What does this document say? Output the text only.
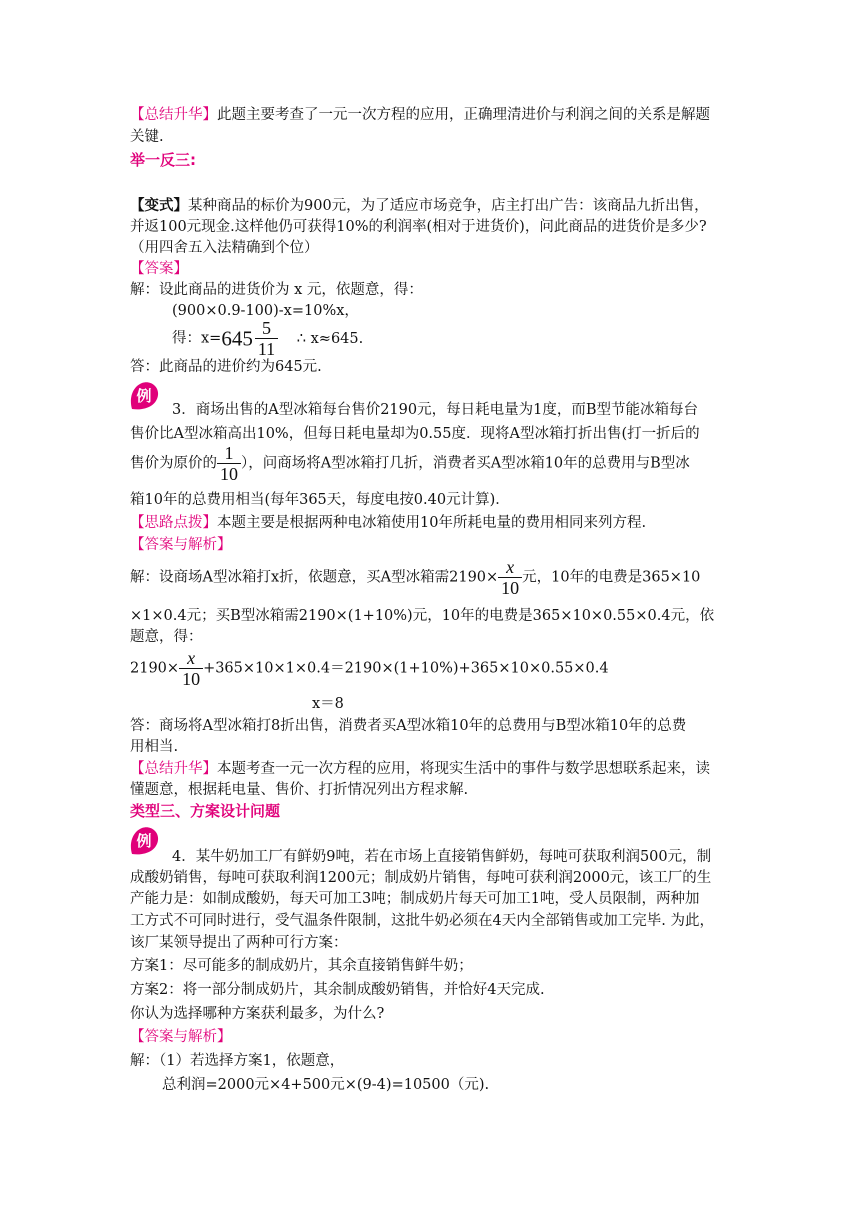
【总结升华】此题主要考查了一元一次方程的应用，正确理清进价与利润之间的关系是解题
关键.
举一反三:
【变式】某种商品的标价为900元，为了适应市场竞争，店主打出广告：该商品九折出售，
并返100元现金.这样他仍可获得10%的利润率(相对于进货价)，问此商品的进货价是多少?
（用四舍五入法精确到个位）
【答案】
解：设此商品的进货价为 x 元，依题意，得：
(900×0.9-100)-x=10%x，
得：$x=645 \frac{5}{11}$ ∴ x≈645.
答：此商品的进价约为645元.
例
3．商场出售的A型冰箱每台售价2190元，每日耗电量为1度，而B型节能冰箱每台
售价比A型冰箱高出10%，但每日耗电量却为0.55度．现将A型冰箱打折出售(打一折后的
售价为原价的 $\frac{1}{10}$ ），问商场将A型冰箱打几折，消费者买A型冰箱10年的总费用与B型冰
箱10年的总费用相当(每年365天，每度电按0.40元计算)．
【思路点拨】本题主要是根据两种电冰箱使用10年所耗电量的费用相同来列方程.
【答案与解析】
解：设商场A型冰箱打x折，依题意，买A型冰箱需$2190\times \frac{x}{10}$ 元，10年的电费是365×10
×1×0.4元；买B型冰箱需2190×(1+10%)元，10年的电费是365×10×0.55×0.4元，依
题意，得：
$2190\times \frac{x}{10} +365\times 10\times 1\times 0.4=2190\times(1+10\%)+365\times 10\times 0.55\times 0.4$
x＝8
答：商场将A型冰箱打8折出售，消费者买A型冰箱10年的总费用与B型冰箱10年的总费
用相当.
【总结升华】本题考查一元一次方程的应用，将现实生活中的事件与数学思想联系起来，读
懂题意，根据耗电量、售价、打折情况列出方程求解.
类型三、方案设计问题
例
4．某牛奶加工厂有鲜奶9吨，若在市场上直接销售鲜奶，每吨可获取利润500元，制
成酸奶销售，每吨可获取利润1200元；制成奶片销售，每吨可获利润2000元，该工厂的生
产能力是：如制成酸奶，每天可加工3吨；制成奶片每天可加工1吨，受人员限制，两种加
工方式不可同时进行，受气温条件限制，这批牛奶必须在4天内全部销售或加工完毕. 为此，
该厂某领导提出了两种可行方案：
方案1：尽可能多的制成奶片，其余直接销售鲜牛奶；
方案2：将一部分制成奶片，其余制成酸奶销售，并恰好4天完成.
你认为选择哪种方案获利最多，为什么?
【答案与解析】
解：（1）若选择方案1，依题意，
总利润=2000元×4+500元×(9-4)=10500（元).
